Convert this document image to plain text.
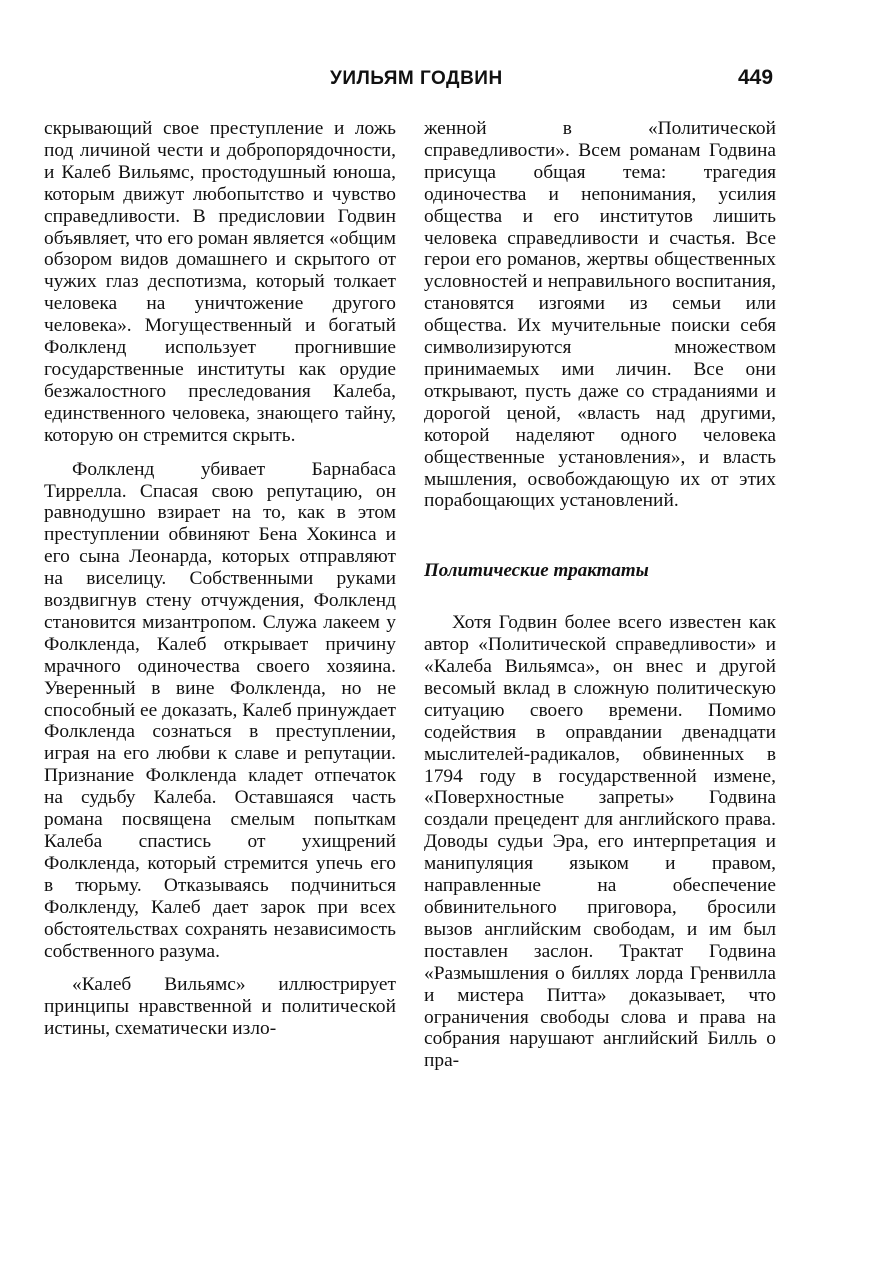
УИЛЬЯМ ГОДВИН	449

скрывающий свое преступление и ложь под личиной чести и добропорядочности, и Калеб Вильямс, простодушный юноша, которым движут любопытство и чувство справедливости. В предисловии Годвин объявляет, что его роман является «общим обзором видов домашнего и скрытого от чужих глаз деспотизма, который толкает человека на уничтожение другого человека». Могущественный и богатый Фолкленд использует прогнившие государственные институты как орудие безжалостного преследования Калеба, единственного человека, знающего тайну, которую он стремится скрыть.

Фолкленд убивает Барнабаса Тиррелла. Спасая свою репутацию, он равнодушно взирает на то, как в этом преступлении обвиняют Бена Хокинса и его сына Леонарда, которых отправляют на виселицу. Собственными руками воздвигнув стену отчуждения, Фолкленд становится мизантропом. Служа лакеем у Фолкленда, Калеб открывает причину мрачного одиночества своего хозяина. Уверенный в вине Фолкленда, но не способный ее доказать, Калеб принуждает Фолкленда сознаться в преступлении, играя на его любви к славе и репутации. Признание Фолкленда кладет отпечаток на судьбу Калеба. Оставшаяся часть романа посвящена смелым попыткам Калеба спастись от ухищрений Фолкленда, который стремится упечь его в тюрьму. Отказываясь подчиниться Фолкленду, Калеб дает зарок при всех обстоятельствах сохранять независимость собственного разума.

«Калеб Вильямс» иллюстрирует принципы нравственной и политической истины, схематически изло-

женной в «Политической справедливости». Всем романам Годвина присуща общая тема: трагедия одиночества и непонимания, усилия общества и его институтов лишить человека справедливости и счастья. Все герои его романов, жертвы общественных условностей и неправильного воспитания, становятся изгоями из семьи или общества. Их мучительные поиски себя символизируются множеством принимаемых ими личин. Все они открывают, пусть даже со страданиями и дорогой ценой, «власть над другими, которой наделяют одного человека общественные установления», и власть мышления, освобождающую их от этих порабощающих установлений.

Политические трактаты

Хотя Годвин более всего известен как автор «Политической справедливости» и «Калеба Вильямса», он внес и другой весомый вклад в сложную политическую ситуацию своего времени. Помимо содействия в оправдании двенадцати мыслителей-радикалов, обвиненных в 1794 году в государственной измене, «Поверхностные запреты» Годвина создали прецедент для английского права. Доводы судьи Эра, его интерпретация и манипуляция языком и правом, направленные на обеспечение обвинительного приговора, бросили вызов английским свободам, и им был поставлен заслон. Трактат Годвина «Размышления о биллях лорда Гренвилла и мистера Питта» доказывает, что ограничения свободы слова и права на собрания нарушают английский Билль о пра-
